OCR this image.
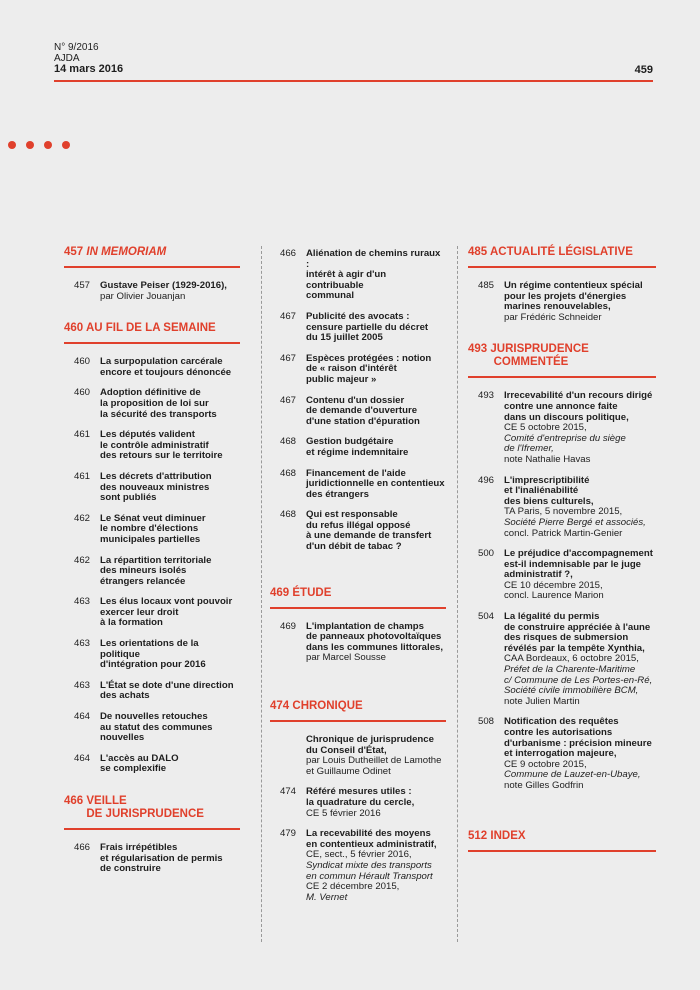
N° 9/2016
AJDA
14 mars 2016	459
457 IN MEMORIAM
457	Gustave Peiser (1929-2016),
par Olivier Jouanjan
460 AU FIL DE LA SEMAINE
460	La surpopulation carcérale
encore et toujours dénoncée
460	Adoption définitive de
la proposition de loi sur
la sécurité des transports
461	Les députés valident
le contrôle administratif
des retours sur le territoire
461	Les décrets d'attribution
des nouveaux ministres
sont publiés
462	Le Sénat veut diminuer
le nombre d'élections
municipales partielles
462	La répartition territoriale
des mineurs isolés
étrangers relancée
463	Les élus locaux vont pouvoir
exercer leur droit
à la formation
463	Les orientations de la politique
d'intégration pour 2016
463	L'État se dote d'une direction
des achats
464	De nouvelles retouches
au statut des communes
nouvelles
464	L'accès au DALO
se complexifie
466 VEILLE
DE JURISPRUDENCE
466	Frais irrépétibles
et régularisation de permis
de construire
466	Aliénation de chemins ruraux :
intérêt à agir d'un contribuable
communal
467	Publicité des avocats :
censure partielle du décret
du 15 juillet 2005
467	Espèces protégées : notion
de « raison d'intérêt
public majeur »
467	Contenu d'un dossier
de demande d'ouverture
d'une station d'épuration
468	Gestion budgétaire
et régime indemnitaire
468	Financement de l'aide
juridictionnelle en contentieux
des étrangers
468	Qui est responsable
du refus illégal opposé
à une demande de transfert
d'un débit de tabac ?
469 ÉTUDE
469	L'implantation de champs
de panneaux photovoltaïques
dans les communes littorales,
par Marcel Sousse
474 CHRONIQUE
Chronique de jurisprudence
du Conseil d'État,
par Louis Dutheillet de Lamothe
et Guillaume Odinet
474	Référé mesures utiles :
la quadrature du cercle,
CE 5 février 2016
479	La recevabilité des moyens
en contentieux administratif,
CE, sect., 5 février 2016,
Syndicat mixte des transports
en commun Hérault Transport
CE 2 décembre 2015,
M. Vernet
485 ACTUALITÉ LÉGISLATIVE
485	Un régime contentieux spécial
pour les projets d'énergies
marines renouvelables,
par Frédéric Schneider
493 JURISPRUDENCE
COMMENTÉE
493	Irrecevabilité d'un recours dirigé
contre une annonce faite
dans un discours politique,
CE 5 octobre 2015,
Comité d'entreprise du siège
de l'Ifremer,
note Nathalie Havas
496	L'imprescriptibilité
et l'inaliénabilité
des biens culturels,
TA Paris, 5 novembre 2015,
Société Pierre Bergé et associés,
concl. Patrick Martin-Genier
500	Le préjudice d'accompagnement
est-il indemnisable par le juge
administratif ?,
CE 10 décembre 2015,
concl. Laurence Marion
504	La légalité du permis
de construire appréciée à l'aune
des risques de submersion
révélés par la tempête Xynthia,
CAA Bordeaux, 6 octobre 2015,
Préfet de la Charente-Maritime
c/ Commune de Les Portes-en-Ré,
Société civile immobilière BCM,
note Julien Martin
508	Notification des requêtes
contre les autorisations
d'urbanisme : précision mineure
et interrogation majeure,
CE 9 octobre 2015,
Commune de Lauzet-en-Ubaye,
note Gilles Godfrin
512 INDEX
